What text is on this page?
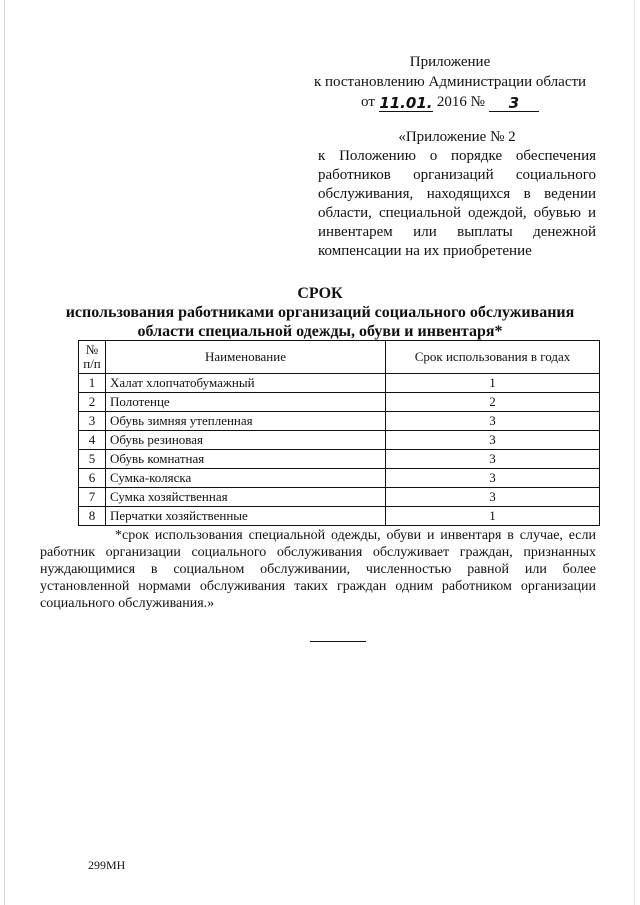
Приложение
к постановлению Администрации области
от 11.01. 2016 №	3
«Приложение № 2
к Положению о порядке обеспечения работников организаций социального обслуживания, находящихся в ведении области, специальной одеждой, обувью и инвентарем или выплаты денежной компенсации на их приобретение
СРОК
использования работниками организаций социального обслуживания
области специальной одежды, обуви и инвентаря*
№ п/п	Наименование	Срок использования в годах
1	Халат хлопчатобумажный	1
2	Полотенце	2
3	Обувь зимняя утепленная	3
4	Обувь резиновая	3
5	Обувь комнатная	3
6	Сумка-коляска	3
7	Сумка хозяйственная	3
8	Перчатки хозяйственные	1
*срок использования специальной одежды, обуви и инвентаря в случае, если работник организации социального обслуживания обслуживает граждан, признанных нуждающимися в социальном обслуживании, численностью равной или более установленной нормами обслуживания таких граждан одним работником организации социального обслуживания.»
299МН
